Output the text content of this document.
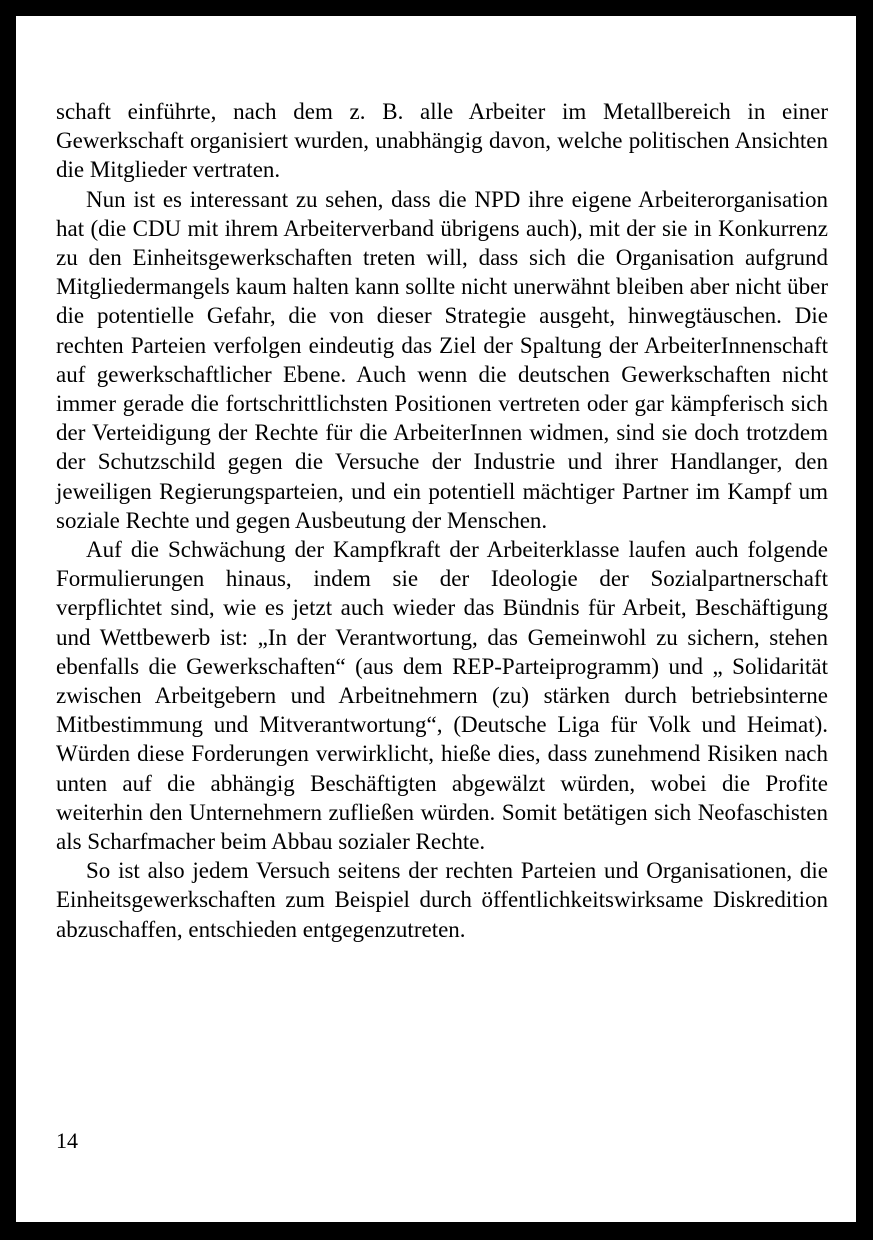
schaft einführte, nach dem z. B. alle Arbeiter im Metallbereich in einer Gewerkschaft organisiert wurden, unabhängig davon, welche politischen Ansichten die Mitglieder vertraten.

Nun ist es interessant zu sehen, dass die NPD ihre eigene Arbeiterorganisation hat (die CDU mit ihrem Arbeiterverband übrigens auch), mit der sie in Konkurrenz zu den Einheitsgewerkschaften treten will, dass sich die Organisation aufgrund Mitgliedermangels kaum halten kann sollte nicht unerwähnt bleiben aber nicht über die potentielle Gefahr, die von dieser Strategie ausgeht, hinwegtäuschen. Die rechten Parteien verfolgen eindeutig das Ziel der Spaltung der ArbeiterInnenschaft auf gewerkschaftlicher Ebene. Auch wenn die deutschen Gewerkschaften nicht immer gerade die fortschrittlichsten Positionen vertreten oder gar kämpferisch sich der Verteidigung der Rechte für die ArbeiterInnen widmen, sind sie doch trotzdem der Schutzschild gegen die Versuche der Industrie und ihrer Handlanger, den jeweiligen Regierungsparteien, und ein potentiell mächtiger Partner im Kampf um soziale Rechte und gegen Ausbeutung der Menschen.

Auf die Schwächung der Kampfkraft der Arbeiterklasse laufen auch folgende Formulierungen hinaus, indem sie der Ideologie der Sozialpartnerschaft verpflichtet sind, wie es jetzt auch wieder das Bündnis für Arbeit, Beschäftigung und Wettbewerb ist: „In der Verantwortung, das Gemeinwohl zu sichern, stehen ebenfalls die Gewerkschaften“ (aus dem REP-Parteiprogramm) und „ Solidarität zwischen Arbeitgebern und Arbeitnehmern (zu) stärken durch betriebsinterne Mitbestimmung und Mitverantwortung“, (Deutsche Liga für Volk und Heimat). Würden diese Forderungen verwirklicht, hieße dies, dass zunehmend Risiken nach unten auf die abhängig Beschäftigten abgewälzt würden, wobei die Profite weiterhin den Unternehmern zufließen würden. Somit betätigen sich Neofaschisten als Scharfmacher beim Abbau sozialer Rechte.

So ist also jedem Versuch seitens der rechten Parteien und Organisationen, die Einheitsgewerkschaften zum Beispiel durch öffentlichkeitswirksame Diskredition abzuschaffen, entschieden entgegenzutreten.

14
